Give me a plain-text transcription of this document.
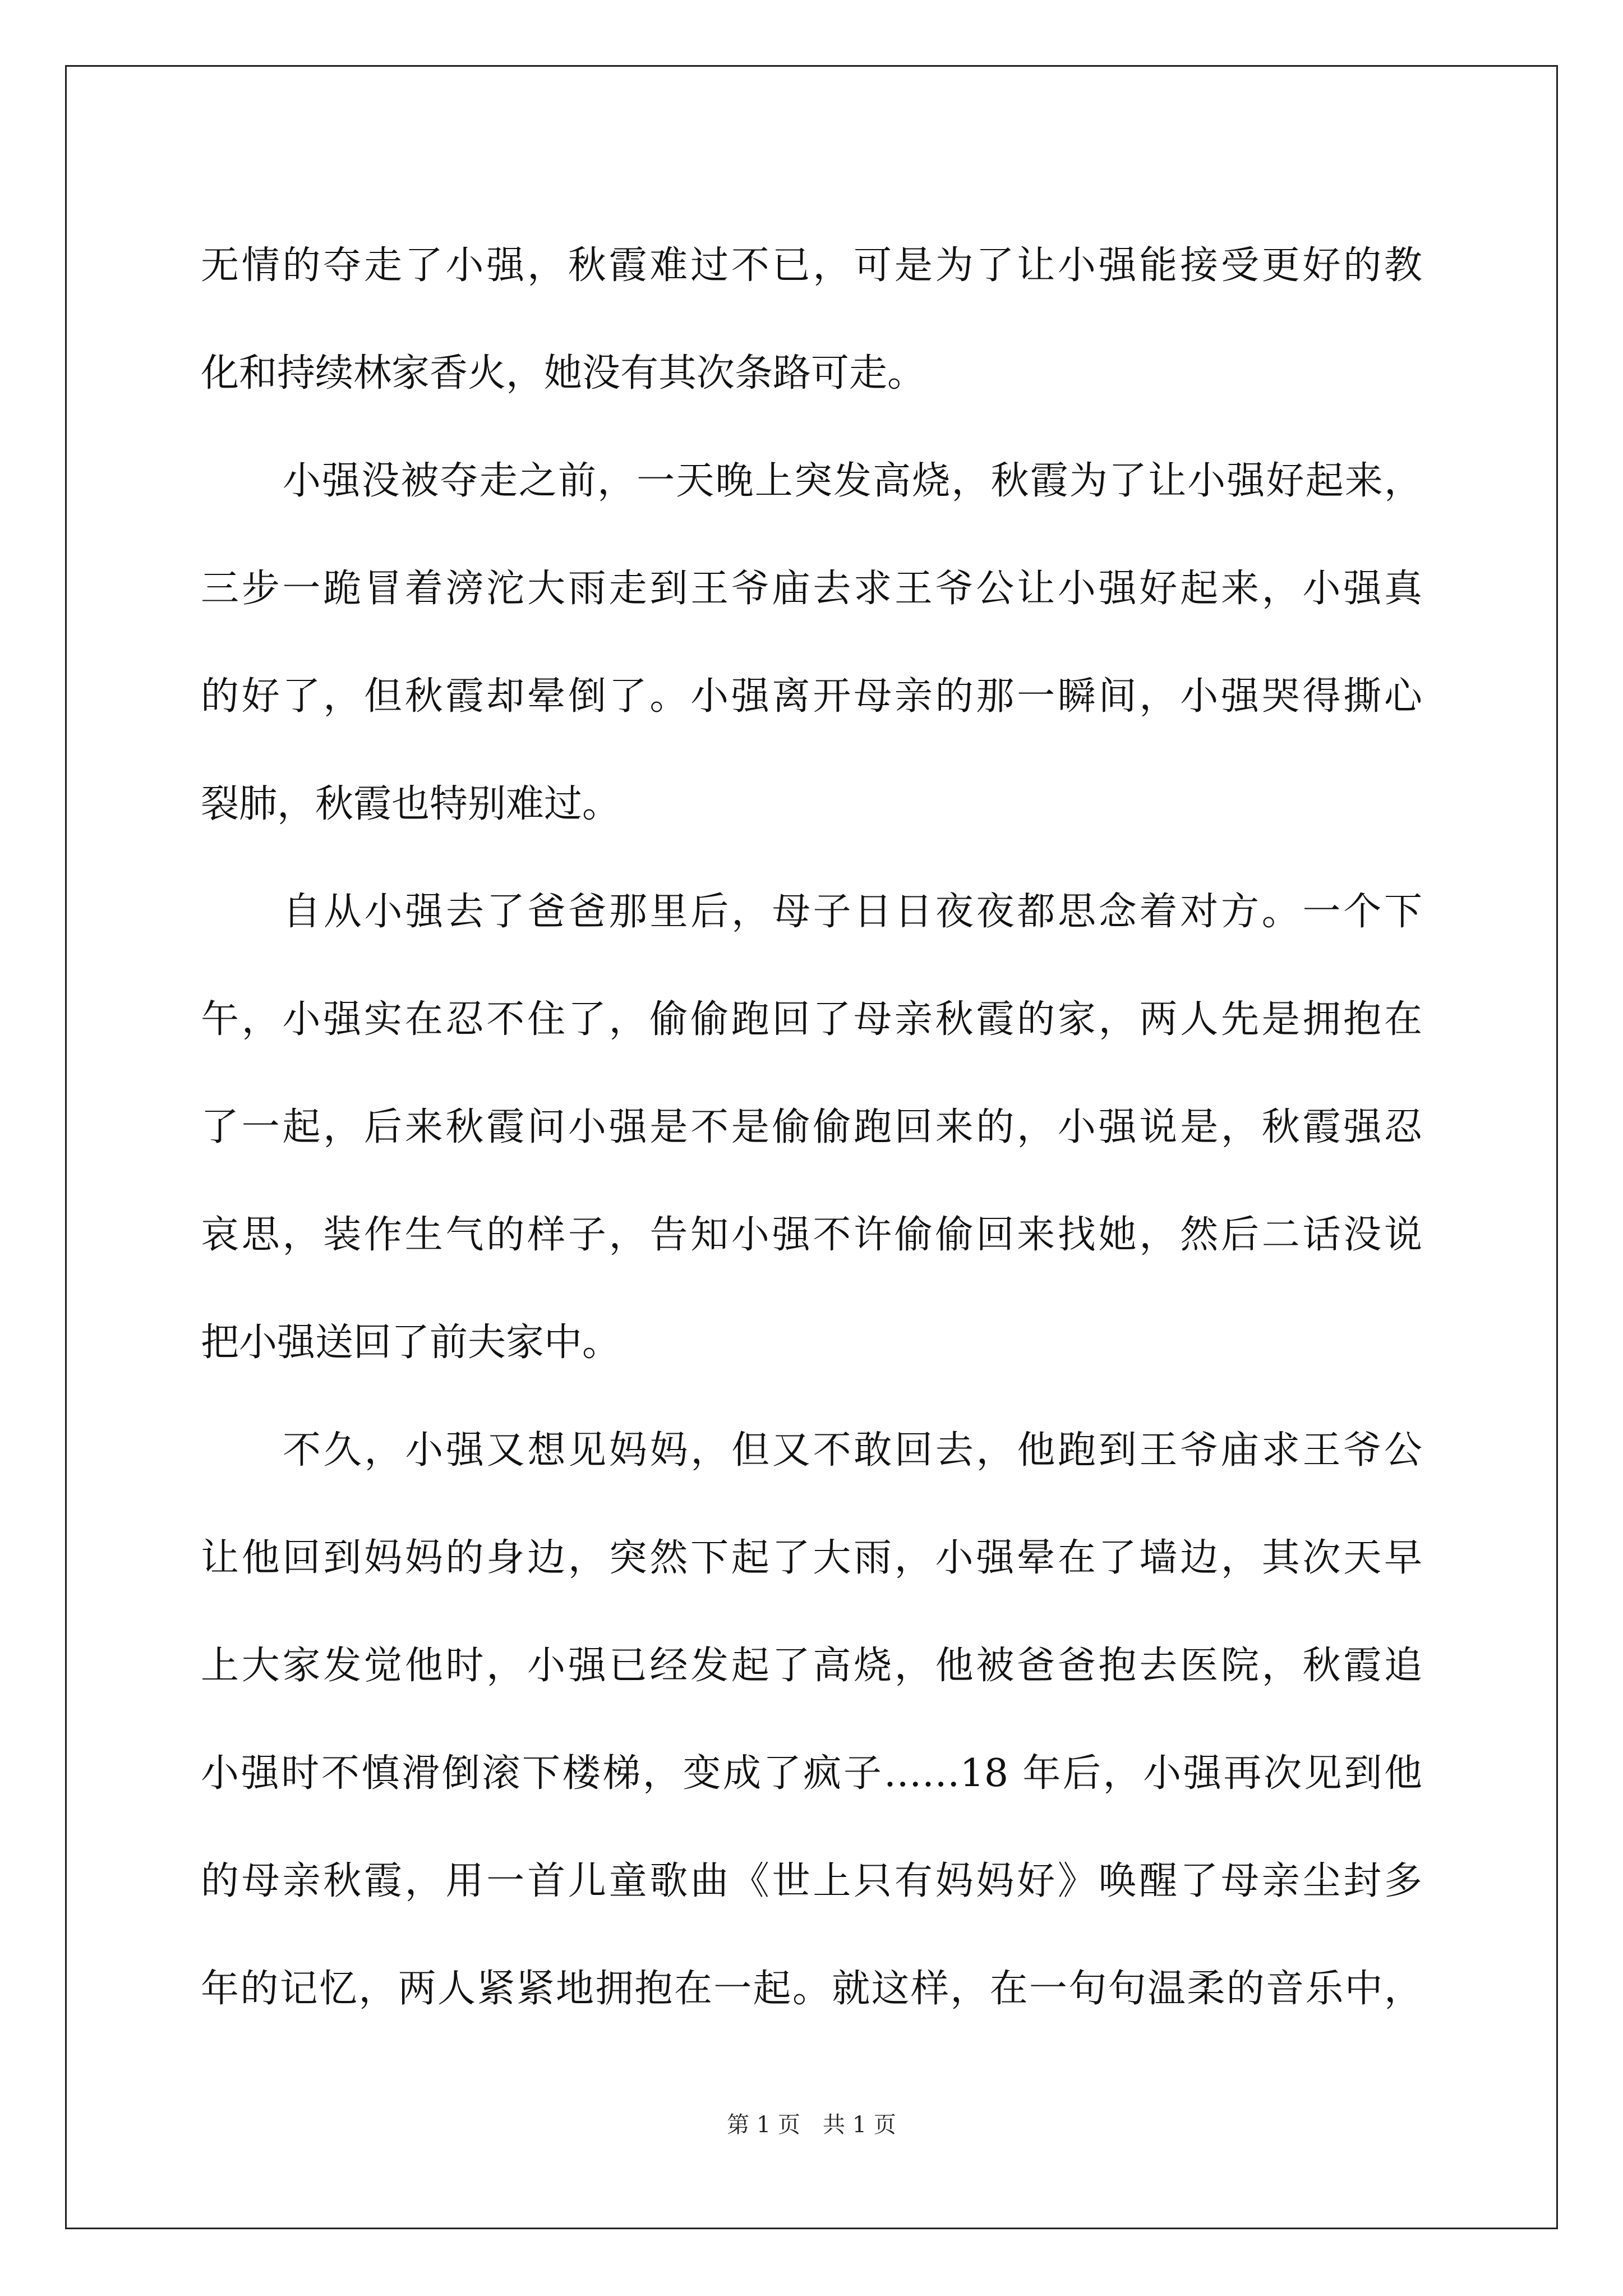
无情的夺走了小强，秋霞难过不已，可是为了让小强能接受更好的教
化和持续林家香火，她没有其次条路可走。
小强没被夺走之前，一天晚上突发高烧，秋霞为了让小强好起来，
三步一跪冒着滂沱大雨走到王爷庙去求王爷公让小强好起来，小强真
的好了，但秋霞却晕倒了。小强离开母亲的那一瞬间，小强哭得撕心
裂肺，秋霞也特别难过。
自从小强去了爸爸那里后，母子日日夜夜都思念着对方。一个下
午，小强实在忍不住了，偷偷跑回了母亲秋霞的家，两人先是拥抱在
了一起，后来秋霞问小强是不是偷偷跑回来的，小强说是，秋霞强忍
哀思，装作生气的样子，告知小强不许偷偷回来找她，然后二话没说
把小强送回了前夫家中。
不久，小强又想见妈妈，但又不敢回去，他跑到王爷庙求王爷公
让他回到妈妈的身边，突然下起了大雨，小强晕在了墙边，其次天早
上大家发觉他时，小强已经发起了高烧，他被爸爸抱去医院，秋霞追
小强时不慎滑倒滚下楼梯，变成了疯子……18 年后，小强再次见到他
的母亲秋霞，用一首儿童歌曲《世上只有妈妈好》唤醒了母亲尘封多
年的记忆，两人紧紧地拥抱在一起。就这样，在一句句温柔的音乐中，
第 1 页 共 1 页
